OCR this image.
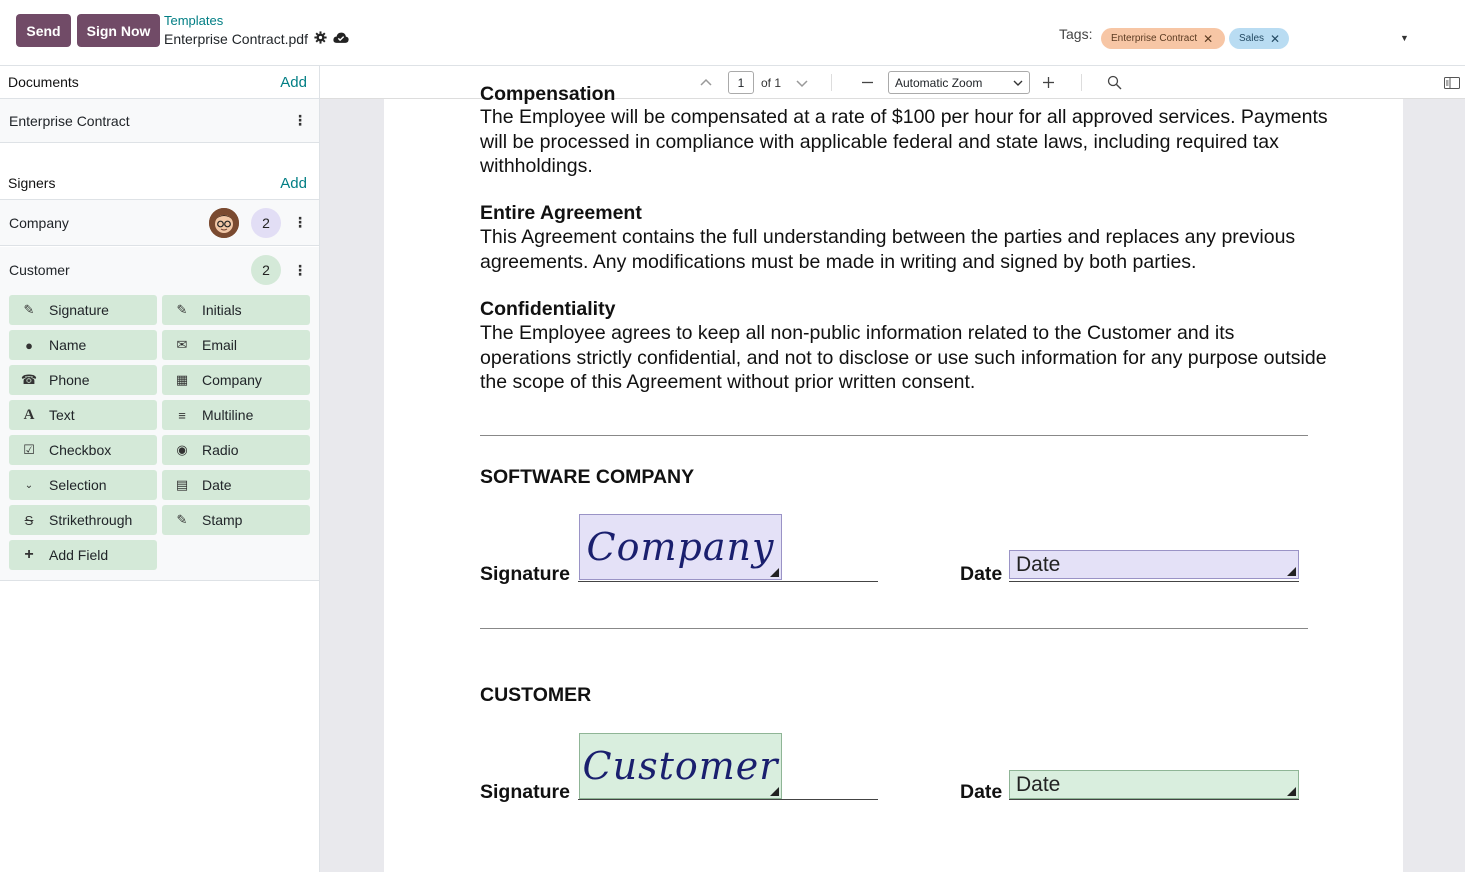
Send	Sign Now
Templates
Enterprise Contract.pdf	Tags: Enterprise Contract ✕	Sales ✕	▼
Documents	Add
Enterprise Contract	⋮
Signers	Add
Company	2	⋮
Customer	2	⋮
✎	Signature	✎	Initials
●	Name	✉	Email
☎ Phone	▦ Company
A	Text	≡	Multiline
☑	Checkbox	◉	Radio
⌄	Selection	▤ Date
S	Strikethrough	✎	Stamp
+	Add Field
1	of 1	Automatic Zoom
Compensation
The Employee will be compensated at a rate of $100 per hour for all approved services. Payments will be processed in compliance with applicable federal and state laws, including required tax withholdings.
Entire Agreement
This Agreement contains the full understanding between the parties and replaces any previous agreements. Any modifications must be made in writing and signed by both parties.
Confidentiality
The Employee agrees to keep all non-public information related to the Customer and its operations strictly confidential, and not to disclose or use such information for any purpose outside the scope of this Agreement without prior written consent.
SOFTWARE COMPANY
Signature
Company
Date Date
CUSTOMER
Signature
Customer
Date Date
